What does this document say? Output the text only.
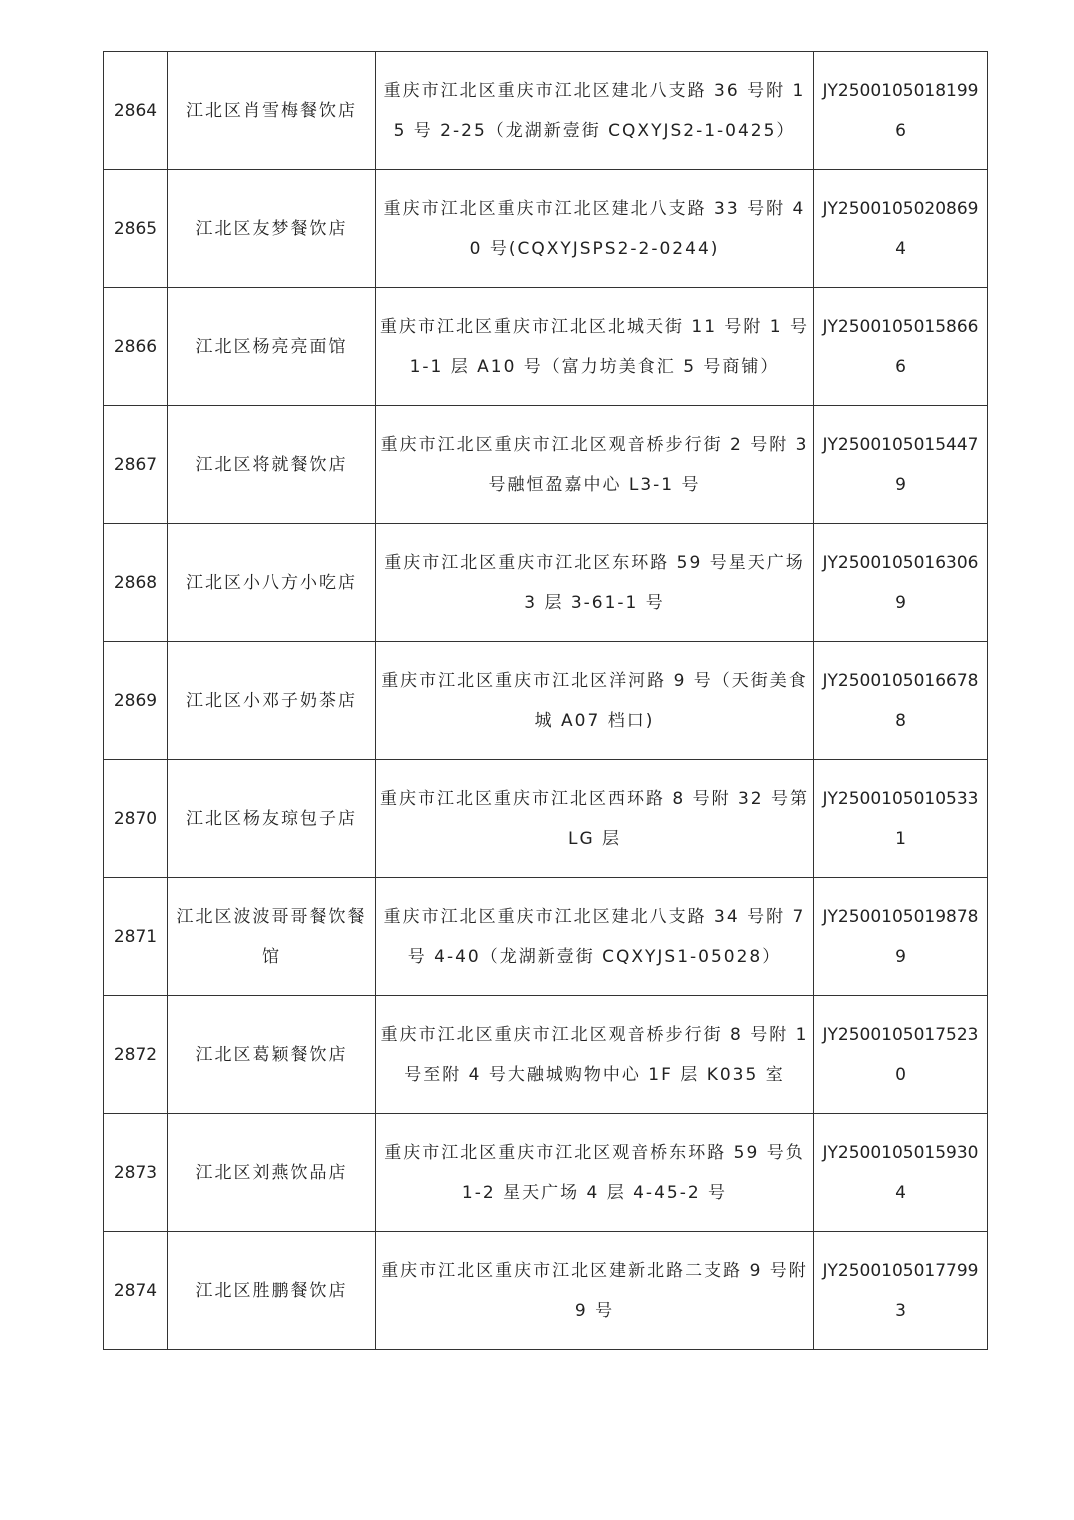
2864	江北区肖雪梅餐饮店	重庆市江北区重庆市江北区建北八支路 36 号附 15 号 2-25（龙湖新壹街 CQXYJS2-1-0425）	JY25001050181996
2865	江北区友梦餐饮店	重庆市江北区重庆市江北区建北八支路 33 号附 40 号(CQXYJSPS2-2-0244)	JY25001050208694
2866	江北区杨亮亮面馆	重庆市江北区重庆市江北区北城天街 11 号附 1 号 1-1 层 A10 号（富力坊美食汇 5 号商铺）	JY25001050158666
2867	江北区将就餐饮店	重庆市江北区重庆市江北区观音桥步行街 2 号附 3 号融恒盈嘉中心 L3-1 号	JY25001050154479
2868	江北区小八方小吃店	重庆市江北区重庆市江北区东环路 59 号星天广场 3 层 3-61-1 号	JY25001050163069
2869	江北区小邓子奶茶店	重庆市江北区重庆市江北区洋河路 9 号（天街美食城 A07 档口)	JY25001050166788
2870	江北区杨友琼包子店	重庆市江北区重庆市江北区西环路 8 号附 32 号第 LG 层	JY25001050105331
2871	江北区波波哥哥餐饮餐馆	重庆市江北区重庆市江北区建北八支路 34 号附 7 号 4-40（龙湖新壹街 CQXYJS1-05028）	JY25001050198789
2872	江北区葛颖餐饮店	重庆市江北区重庆市江北区观音桥步行街 8 号附 1 号至附 4 号大融城购物中心 1F 层 K035 室	JY25001050175230
2873	江北区刘燕饮品店	重庆市江北区重庆市江北区观音桥东环路 59 号负 1-2 星天广场 4 层 4-45-2 号	JY25001050159304
2874	江北区胜鹏餐饮店	重庆市江北区重庆市江北区建新北路二支路 9 号附 9 号	JY25001050177993
